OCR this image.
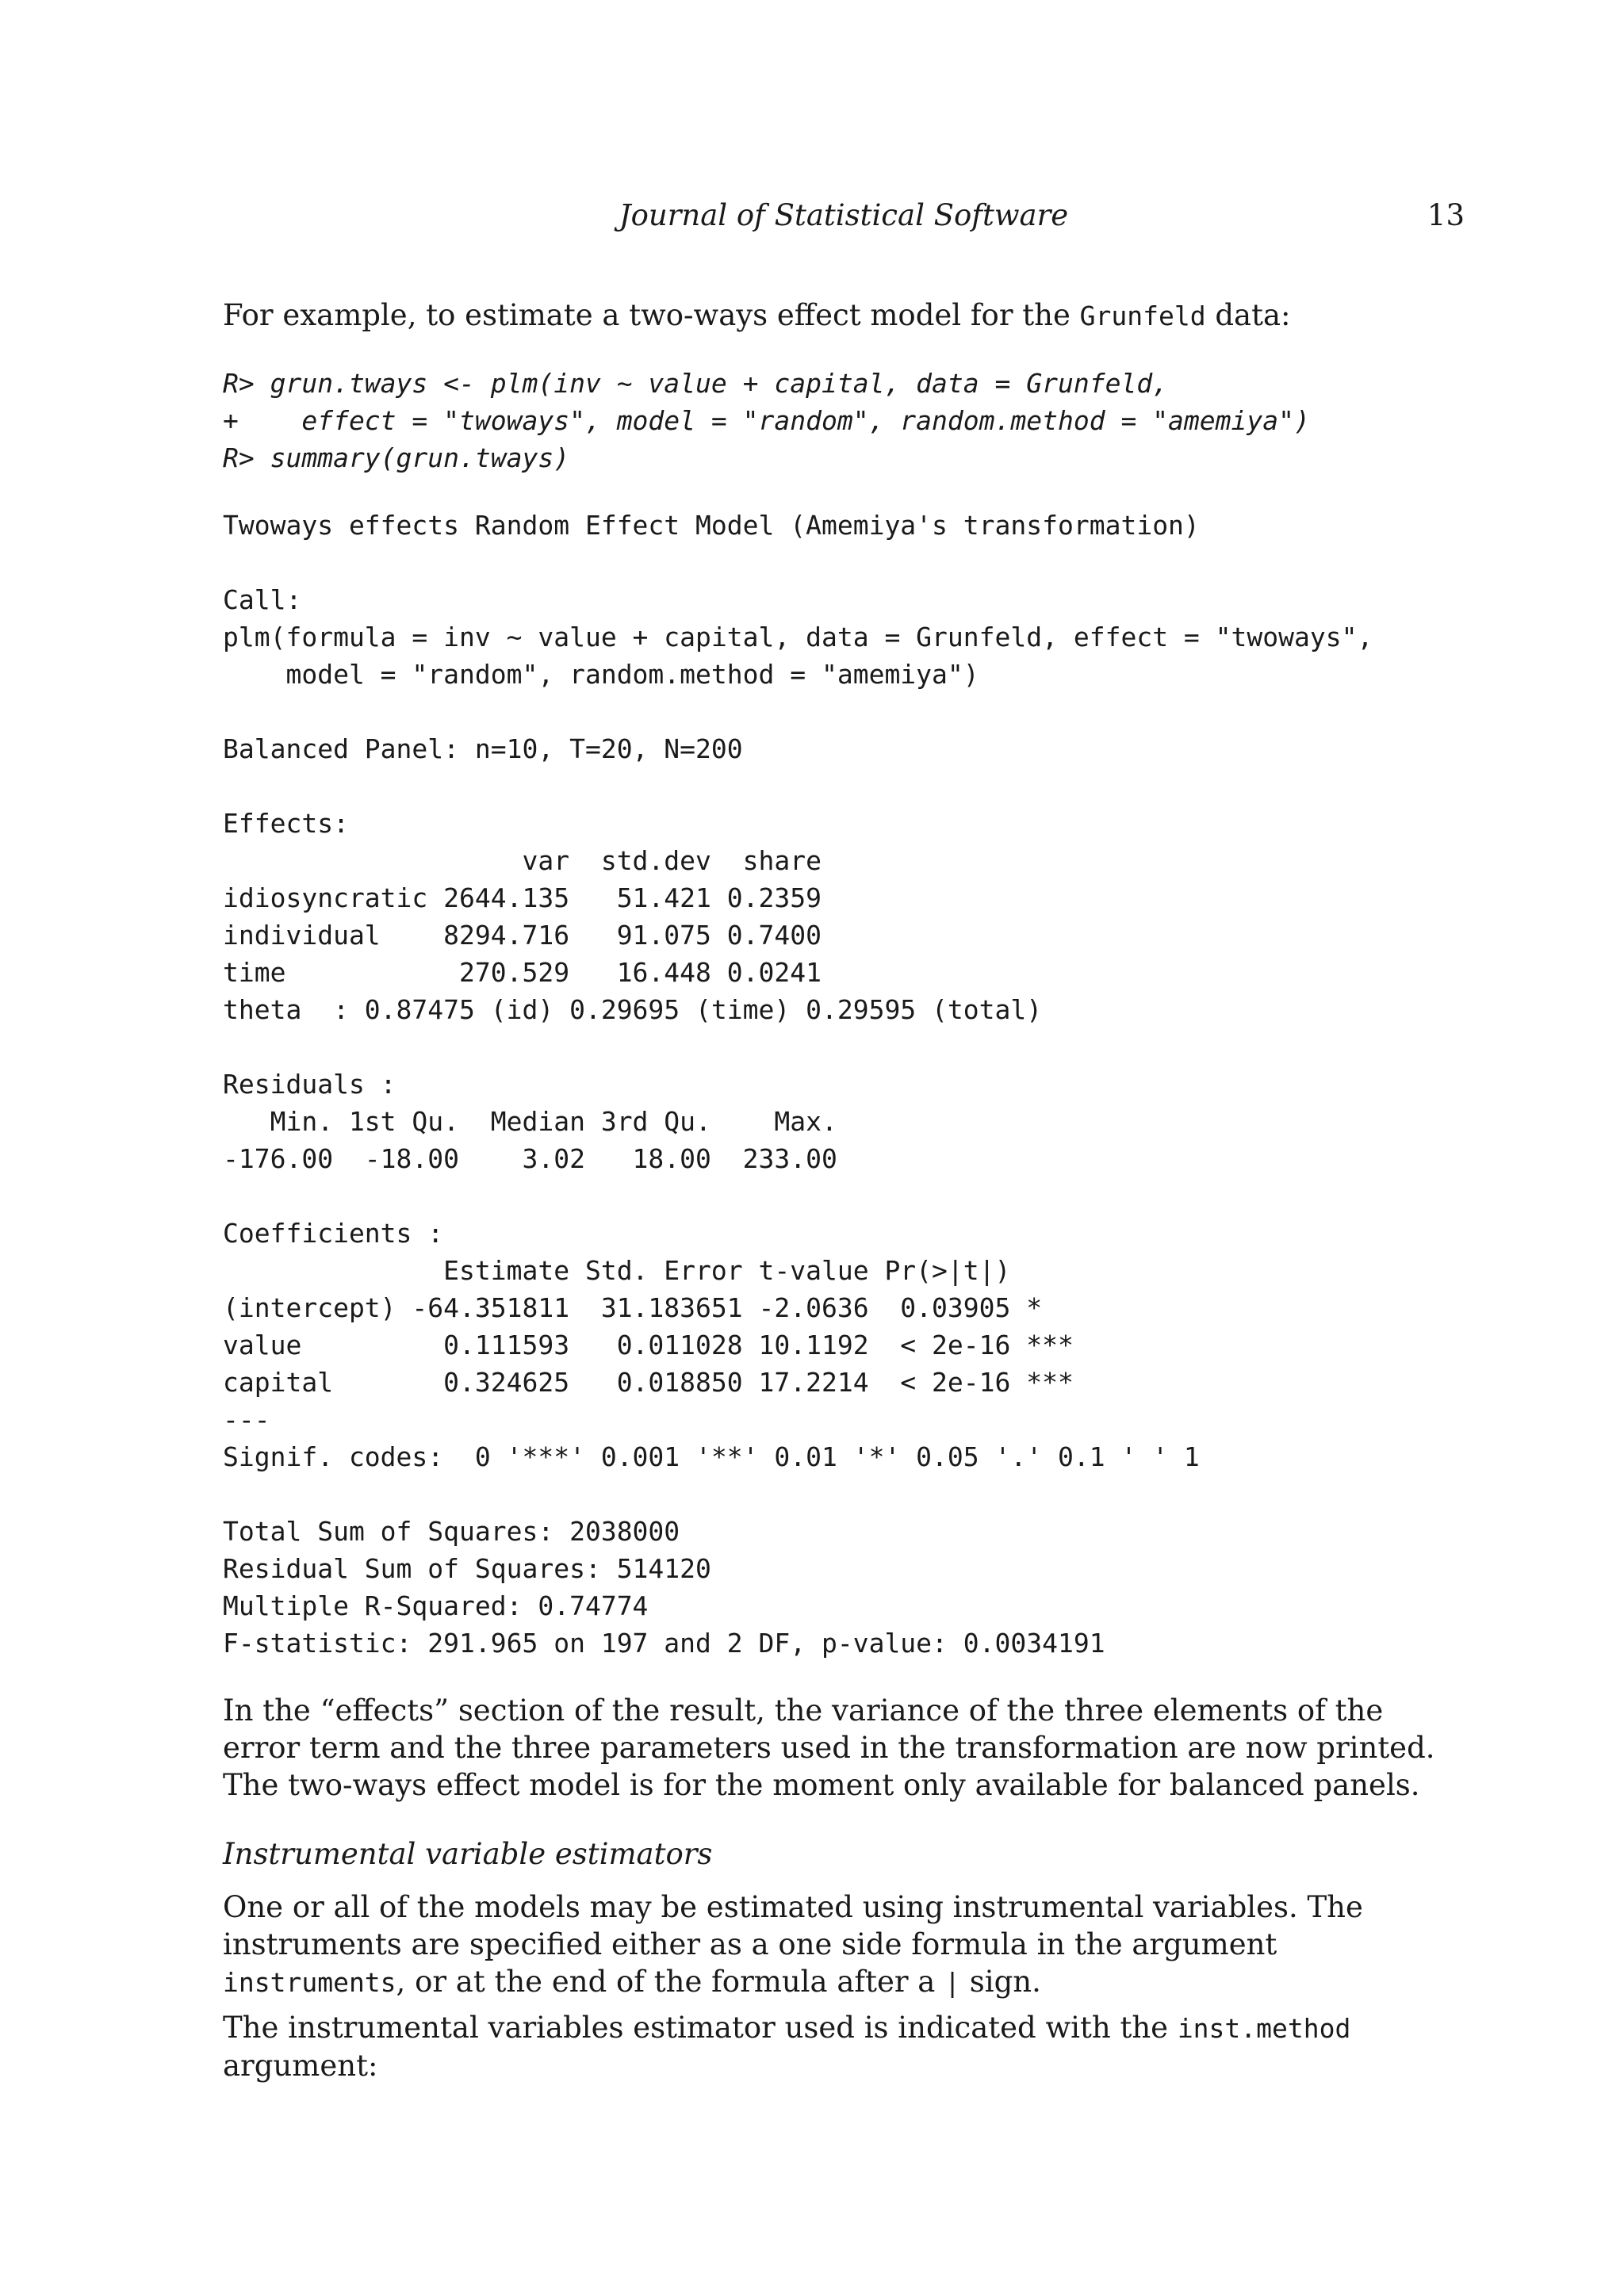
Journal of Statistical Software	13

For example, to estimate a two-ways effect model for the Grunfeld data:

R> grun.tways <- plm(inv ~ value + capital, data = Grunfeld,
+    effect = "twoways", model = "random", random.method = "amemiya")
R> summary(grun.tways)
Twoways effects Random Effect Model (Amemiya's transformation)

Call:
plm(formula = inv ~ value + capital, data = Grunfeld, effect = "twoways",
model = "random", random.method = "amemiya")

Balanced Panel: n=10, T=20, N=200

Effects:
var  std.dev  share
idiosyncratic 2644.135   51.421 0.2359
individual    8294.716   91.075 0.7400
time           270.529   16.448 0.0241
theta  : 0.87475 (id) 0.29695 (time) 0.29595 (total)

Residuals :
Min. 1st Qu.  Median 3rd Qu.    Max.
-176.00  -18.00    3.02   18.00  233.00

Coefficients :
Estimate Std. Error t-value Pr(>|t|)
(intercept) -64.351811  31.183651 -2.0636  0.03905 *
value         0.111593   0.011028 10.1192  < 2e-16 ***
capital       0.324625   0.018850 17.2214  < 2e-16 ***
---
Signif. codes:  0 '***' 0.001 '**' 0.01 '*' 0.05 '.' 0.1 ' ' 1

Total Sum of Squares: 2038000
Residual Sum of Squares: 514120
Multiple R-Squared: 0.74774
F-statistic: 291.965 on 197 and 2 DF, p-value: 0.0034191

In the “effects” section of the result, the variance of the three elements of the error term and the three parameters used in the transformation are now printed. The two-ways effect model is for the moment only available for balanced panels.

Instrumental variable estimators

One or all of the models may be estimated using instrumental variables. The instruments are specified either as a one side formula in the argument instruments, or at the end of the formula after a | sign.

The instrumental variables estimator used is indicated with the inst.method argument:
